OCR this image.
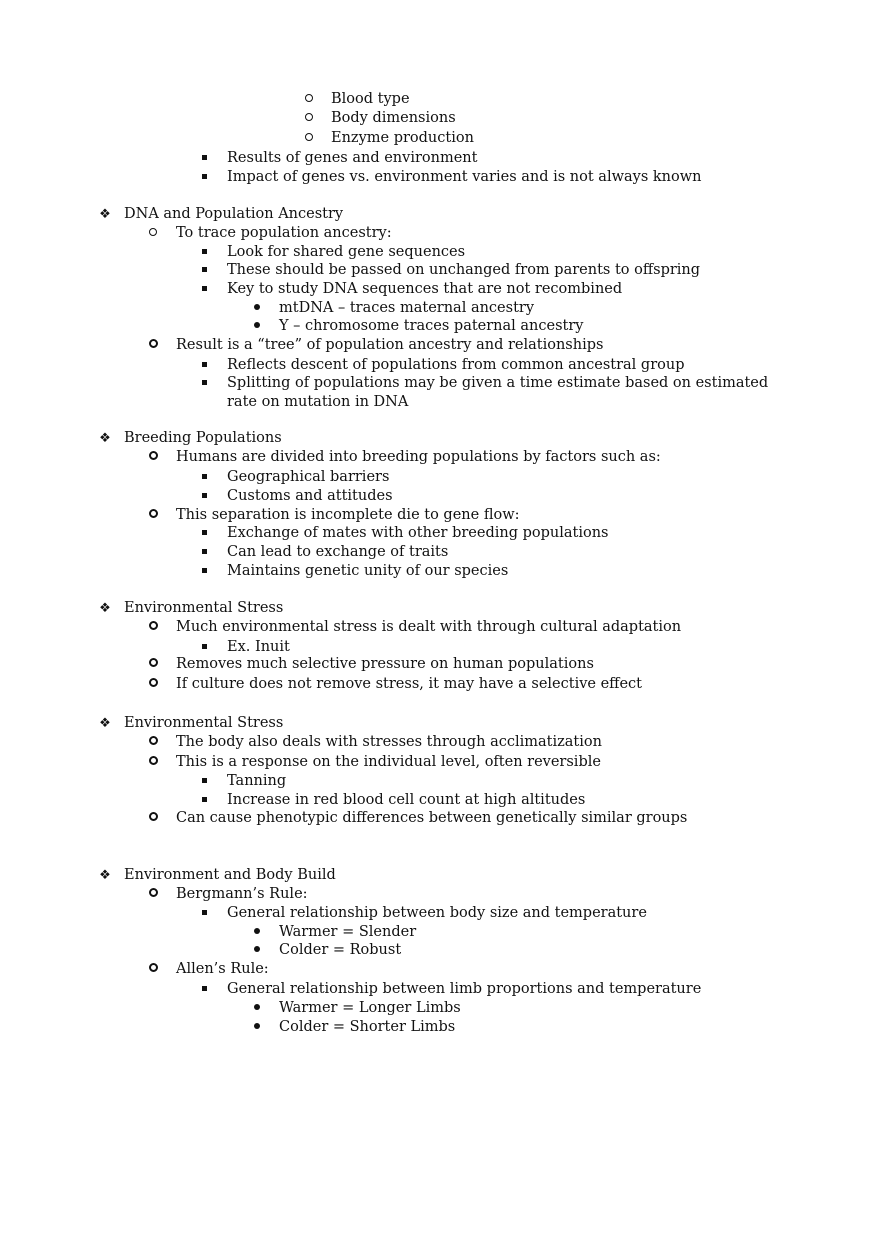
Blood type
Body dimensions
Enzyme production
Results of genes and environment
Impact of genes vs. environment varies and is not always known
❖ DNA and Population Ancestry
To trace population ancestry:
Look for shared gene sequences
These should be passed on unchanged from parents to offspring
Key to study DNA sequences that are not recombined
mtDNA – traces maternal ancestry
Y – chromosome traces paternal ancestry
Result is a “tree” of population ancestry and relationships
Reflects descent of populations from common ancestral group
Splitting of populations may be given a time estimate based on estimated rate on mutation in DNA
❖ Breeding Populations
Humans are divided into breeding populations by factors such as:
Geographical barriers
Customs and attitudes
This separation is incomplete die to gene flow:
Exchange of mates with other breeding populations
Can lead to exchange of traits
Maintains genetic unity of our species
❖ Environmental Stress
Much environmental stress is dealt with through cultural adaptation
Ex. Inuit
Removes much selective pressure on human populations
If culture does not remove stress, it may have a selective effect
❖ Environmental Stress
The body also deals with stresses through acclimatization
This is a response on the individual level, often reversible
Tanning
Increase in red blood cell count at high altitudes
Can cause phenotypic differences between genetically similar groups
❖ Environment and Body Build
Bergmann’s Rule:
General relationship between body size and temperature
Warmer = Slender
Colder = Robust
Allen’s Rule:
General relationship between limb proportions and temperature
Warmer = Longer Limbs
Colder = Shorter Limbs
